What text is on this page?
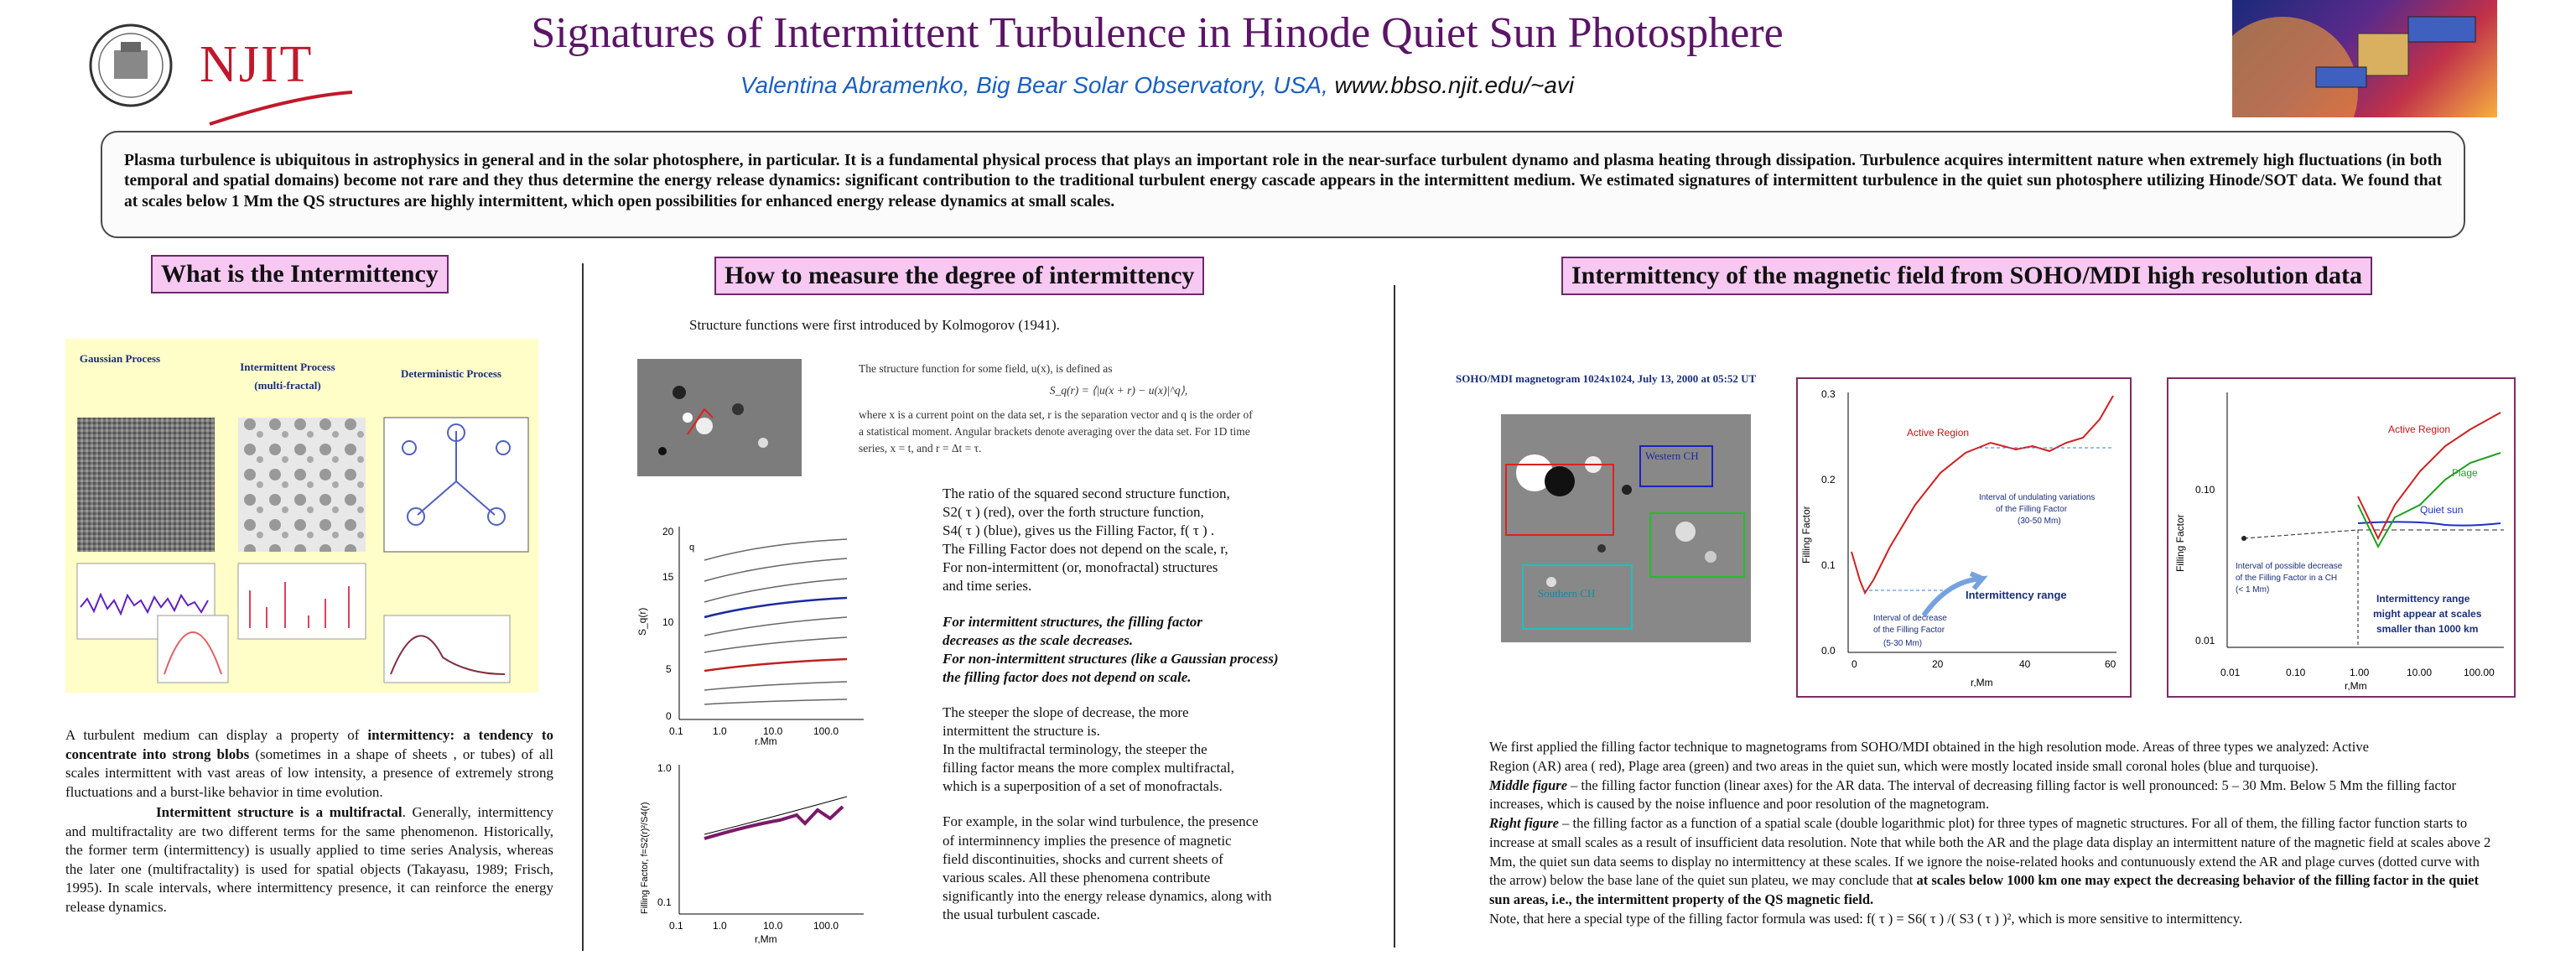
NJIT
Signatures of Intermittent Turbulence in Hinode Quiet Sun Photosphere
Valentina Abramenko, Big Bear Solar Observatory, USA, www.bbso.njit.edu/~avi
Plasma turbulence is ubiquitous in astrophysics in general and in the solar photosphere, in particular. It is a fundamental physical process that plays an important role in the near-surface turbulent dynamo and plasma heating through dissipation. Turbulence acquires intermittent nature when extremely high fluctuations (in both temporal and spatial domains) become not rare and they thus determine the energy release dynamics: significant contribution to the traditional turbulent energy cascade appears in the intermittent medium. We estimated signatures of intermittent turbulence in the quiet sun photosphere utilizing Hinode/SOT data. We found that at scales below 1 Mm the QS structures are highly intermittent, which open possibilities for enhanced energy release dynamics at small scales.
What is the Intermittency
Gaussian Process
Intermittent Process
(multi-fractal)
Deterministic Process
A turbulent medium can display a property of intermittency: a tendency to concentrate into strong blobs (sometimes in a shape of sheets , or tubes) of all scales intermittent with vast areas of low intensity, a presence of extremely strong fluctuations and a burst-like behavior in time evolution.
Intermittent structure is a multifractal. Generally, intermittency and multifractality are two different terms for the same phenomenon. Historically, the former term (intermittency) is usually applied to time series Analysis, whereas the later one (multifractality) is used for spatial objects (Takayasu, 1989; Frisch, 1995). In scale intervals, where intermittency presence, it can reinforce the energy release dynamics.
How to measure the degree of intermittency
Structure functions were first introduced by Kolmogorov (1941).
The structure function for some field, u(x), is defined as
S_q(r) = ⟨|u(x + r) − u(x)|^q⟩,
where x is a current point on the data set, r is the separation vector and q is the order of
a statistical moment. Angular brackets denote averaging over the data set. For 1D time
series, x = t, and r = Δt = τ.
20
15
10
5
0
0.1	1.0	10.0	100.0
r,Mm
S_q(r)
q
1.0
0.1
0.1	1.0	10.0	100.0
r,Mm
Filling Factor, f=S2(r)²/S4(r)
The ratio of the squared second structure function,
S2( τ ) (red), over the forth structure function,
S4( τ ) (blue), gives us the Filling Factor, f( τ ) .
The Filling Factor does not depend on the scale, r,
For non-intermittent (or, monofractal) structures
and time series.
For intermittent structures, the filling factor
decreases as the scale decreases.
For non-intermittent structures (like a Gaussian process)
the filling factor does not depend on scale.
The steeper the slope of decrease, the more
intermittent the structure is.
In the multifractal terminology, the steeper the
filling factor means the more complex multifractal,
which is a superposition of a set of monofractals.
For example, in the solar wind turbulence, the presence
of interminnency implies the presence of magnetic
field discontinuities, shocks and current sheets of
various scales. All these phenomena contribute
significantly into the energy release dynamics, along with
the usual turbulent cascade.
Intermittency of the magnetic field from SOHO/MDI high resolution data
SOHO/MDI magnetogram 1024x1024, July 13, 2000 at 05:52 UT
Western CH
Southern CH
0.3
0.2
0.1
0.0
0	20	40	60
r,Mm
Filling Factor
Active Region
Interval of undulating variations
of the Filling Factor
(30-50 Mm)
Interval of decrease
of the Filling Factor
(5-30 Mm)
Intermittency range
0.10
0.01
0.01	0.10	1.00	10.00	100.00
r,Mm
Filling Factor
Active Region
Plage
Quiet sun
Interval of possible decrease
of the Filling Factor in a CH
(< 1 Mm)
Intermittency range
might appear at scales
smaller than 1000 km
We first applied the filling factor technique to magnetograms from SOHO/MDI obtained in the high resolution mode. Areas of three types we analyzed: Active
Region (AR) area ( red), Plage area (green) and two areas in the quiet sun, which were mostly located inside small coronal holes (blue and turquoise).
Middle figure – the filling factor function (linear axes) for the AR data. The interval of decreasing filling factor is well pronounced: 5 – 30 Mm. Below 5 Mm the filling factor increases, which is caused by the noise influence and poor resolution of the magnetogram.
Right figure – the filling factor as a function of a spatial scale (double logarithmic plot) for three types of magnetic structures. For all of them, the filling factor function starts to increase at small scales as a result of insufficient data resolution. Note that while both the AR and the plage data display an intermittent nature of the magnetic field at scales above 2 Mm, the quiet sun data seems to display no intermittency at these scales. If we ignore the noise-related hooks and contunuously extend the AR and plage curves (dotted curve with the arrow) below the base lane of the quiet sun plateu, we may conclude that at scales below 1000 km one may expect the decreasing behavior of the filling factor in the quiet sun areas, i.e., the intermittent property of the QS magnetic field.
Note, that here a special type of the filling factor formula was used: f( τ ) = S6( τ ) /( S3 ( τ ) )², which is more sensitive to intermittency.
